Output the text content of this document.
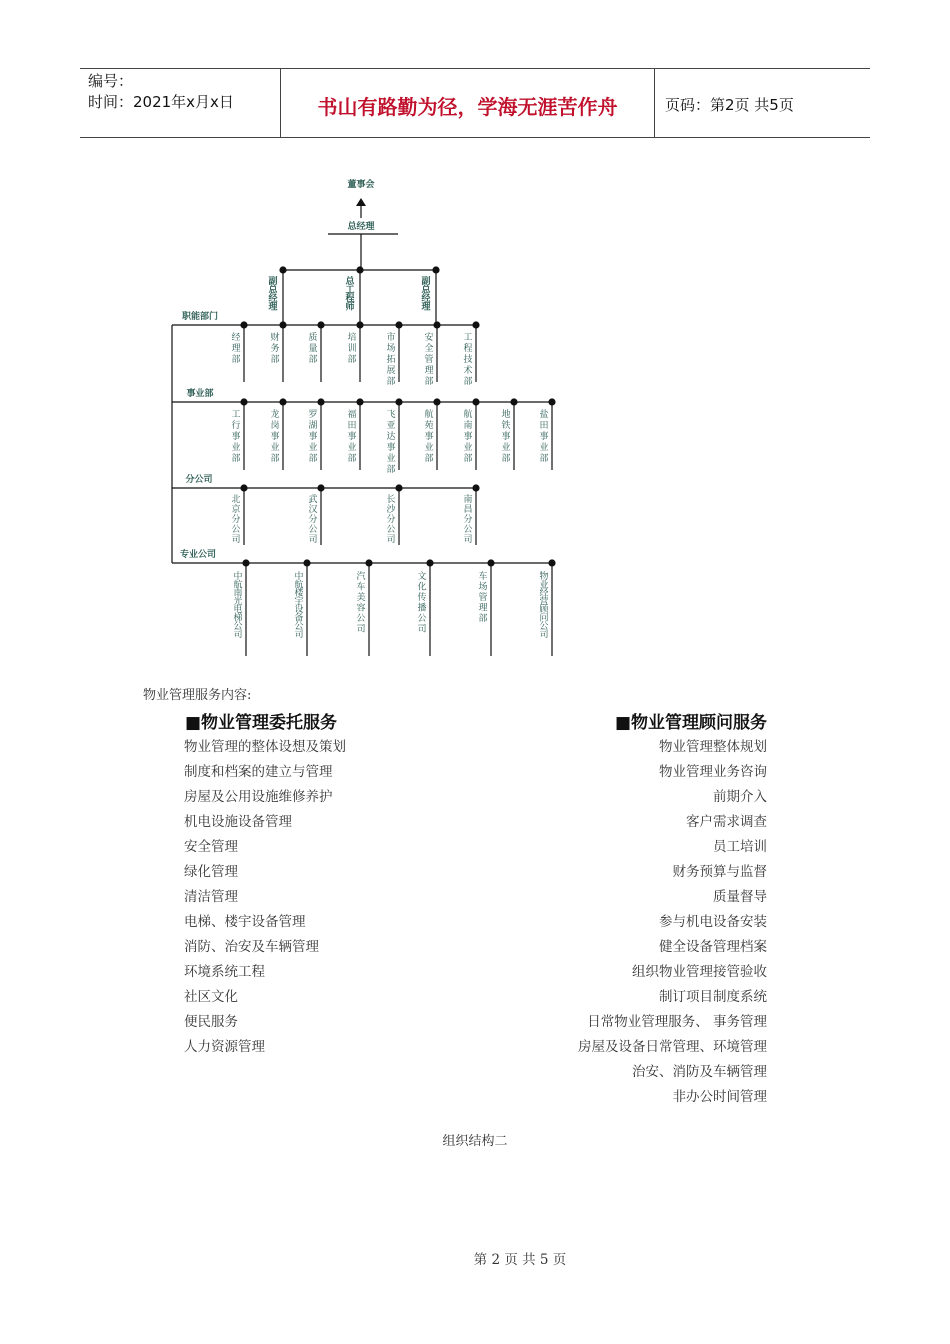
编号：
时间：2021年x月x日	书山有路勤为径，学海无涯苦作舟	页码：第2页 共5页
董事会
总经理
副
总
经
理
总
工
程
师
副
总
经
理
职能部门
经
理
部
财
务
部
质
量
部
培
训
部
市
场
拓
展
部
安
全
管
理
部
工
程
技
术
部
事业部
工
行
事
业
部
龙
岗
事
业
部
罗
湖
事
业
部
福
田
事
业
部
飞
亚
达
事
业
部
航
苑
事
业
部
航
南
事
业
部
地
铁
事
业
部
盐
田
事
业
部
分公司
北
京
分
公
司
武
汉
分
公
司
长
沙
分
公
司
南
昌
分
公
司
专业公司
中
航
南
光
电
梯
公
司
中
航
楼
宇
设
备
公
司
汽
车
美
容
公
司
文
化
传
播
公
司
车
场
管
理
部
物
业
经
营
顾
问
公
司
物业管理服务内容:
■物业管理委托服务	■物业管理顾问服务
物业管理的整体设想及策划
制度和档案的建立与管理
房屋及公用设施维修养护
机电设施设备管理
安全管理
绿化管理
清洁管理
电梯、楼宇设备管理
消防、治安及车辆管理
环境系统工程
社区文化
便民服务
人力资源管理
物业管理整体规划
物业管理业务咨询
前期介入
客户需求调查
员工培训
财务预算与监督
质量督导
参与机电设备安装
健全设备管理档案
组织物业管理接管验收
制订项目制度系统
日常物业管理服务、 事务管理
房屋及设备日常管理、环境管理
治安、消防及车辆管理
非办公时间管理
组织结构二
第 2 页 共 5 页
